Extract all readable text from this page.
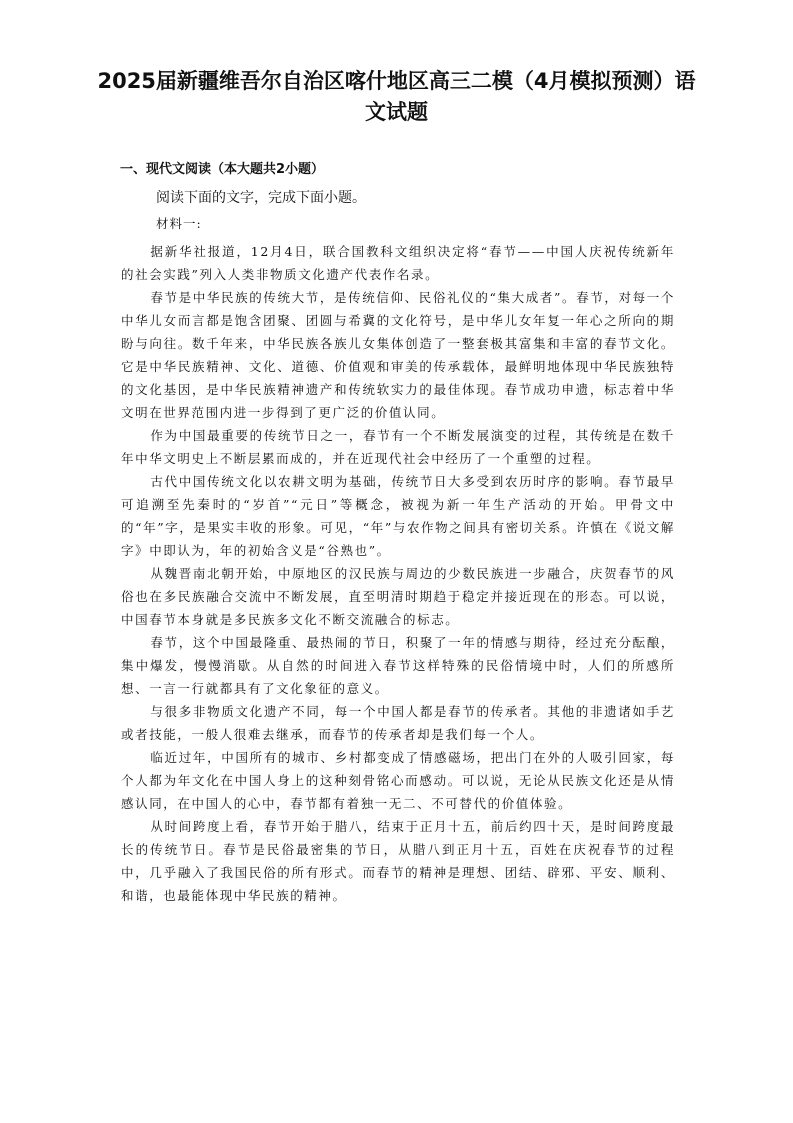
2025届新疆维吾尔自治区喀什地区高三二模（4月模拟预测）语文试题
一、现代文阅读（本大题共2小题）
阅读下面的文字，完成下面小题。
材料一:

据新华社报道，12月4日，联合国教科文组织决定将“春节——中国人庆祝传统新年的社会实践”列入人类非物质文化遗产代表作名录。

春节是中华民族的传统大节，是传统信仰、民俗礼仪的“集大成者”。春节，对每一个中华儿女而言都是饱含团聚、团圆与希冀的文化符号，是中华儿女年复一年心之所向的期盼与向往。数千年来，中华民族各族儿女集体创造了一整套极其富集和丰富的春节文化。它是中华民族精神、文化、道德、价值观和审美的传承载体，最鲜明地体现中华民族独特的文化基因，是中华民族精神遗产和传统软实力的最佳体现。春节成功申遗，标志着中华文明在世界范围内进一步得到了更广泛的价值认同。

作为中国最重要的传统节日之一，春节有一个不断发展演变的过程，其传统是在数千年中华文明史上不断层累而成的，并在近现代社会中经历了一个重塑的过程。

古代中国传统文化以农耕文明为基础，传统节日大多受到农历时序的影响。春节最早可追溯至先秦时的“岁首”“元日”等概念，被视为新一年生产活动的开始。甲骨文中的“年”字，是果实丰收的形象。可见，“年”与农作物之间具有密切关系。许慎在《说文解字》中即认为，年的初始含义是“谷熟也”。

从魏晋南北朝开始，中原地区的汉民族与周边的少数民族进一步融合，庆贺春节的风俗也在多民族融合交流中不断发展，直至明清时期趋于稳定并接近现在的形态。可以说，中国春节本身就是多民族多文化不断交流融合的标志。

春节，这个中国最隆重、最热闹的节日，积聚了一年的情感与期待，经过充分酝酿，集中爆发，慢慢消歇。从自然的时间进入春节这样特殊的民俗情境中时，人们的所感所想、一言一行就都具有了文化象征的意义。

与很多非物质文化遗产不同，每一个中国人都是春节的传承者。其他的非遗诸如手艺或者技能，一般人很难去继承，而春节的传承者却是我们每一个人。

临近过年，中国所有的城市、乡村都变成了情感磁场，把出门在外的人吸引回家，每个人都为年文化在中国人身上的这种刻骨铭心而感动。可以说，无论从民族文化还是从情感认同，在中国人的心中，春节都有着独一无二、不可替代的价值体验。

从时间跨度上看，春节开始于腊八，结束于正月十五，前后约四十天，是时间跨度最长的传统节日。春节是民俗最密集的节日，从腊八到正月十五，百姓在庆祝春节的过程中，几乎融入了我国民俗的所有形式。而春节的精神是理想、团结、辟邪、平安、顺利、和谐，也最能体现中华民族的精神。
